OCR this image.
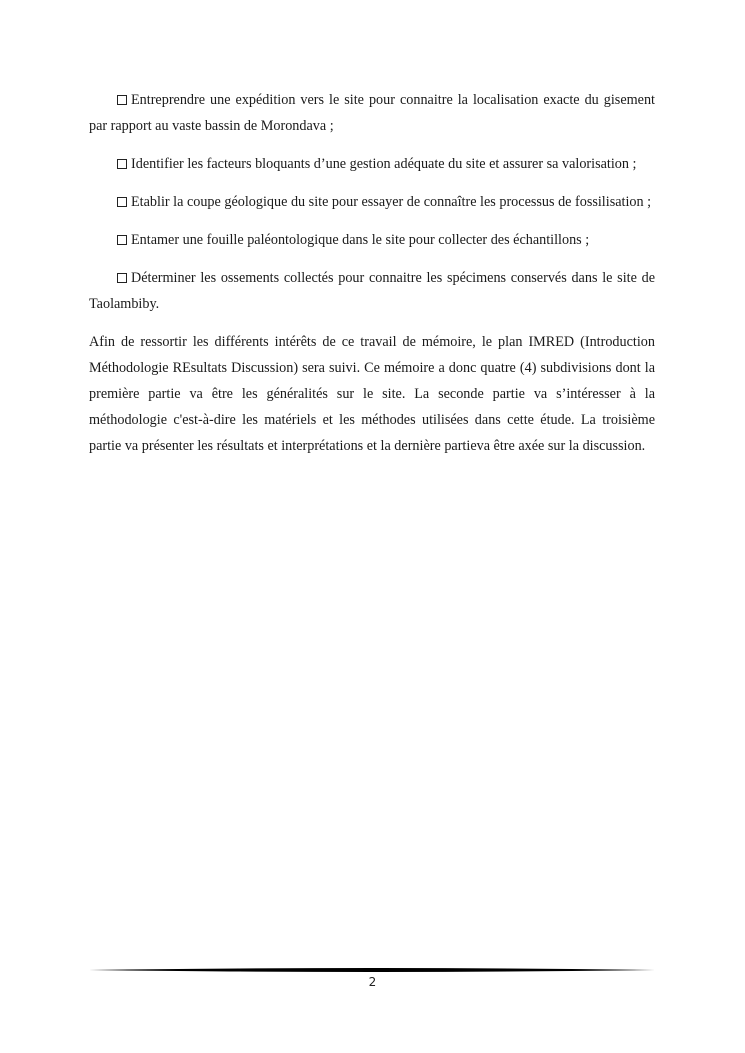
Entreprendre une expédition vers le site pour connaitre la localisation exacte du gisement par rapport au vaste bassin de Morondava ;

Identifier les facteurs bloquants d’une gestion adéquate du site et assurer sa valorisation ;

Etablir la coupe géologique du site pour essayer de connaître les processus de fossilisation ;

Entamer une fouille paléontologique dans le site pour collecter des échantillons ;

Déterminer les ossements collectés pour connaitre les spécimens conservés dans le site de Taolambiby.

Afin de ressortir les différents intérêts de ce travail de mémoire, le plan IMRED (Introduction Méthodologie REsultats Discussion) sera suivi. Ce mémoire a donc quatre (4) subdivisions dont la première partie va être les généralités sur le site. La seconde partie va s’intéresser à la méthodologie c'est-à-dire les matériels et les méthodes utilisées dans cette étude. La troisième partie va présenter les résultats et interprétations et la dernière partieva être axée sur la discussion.

2
